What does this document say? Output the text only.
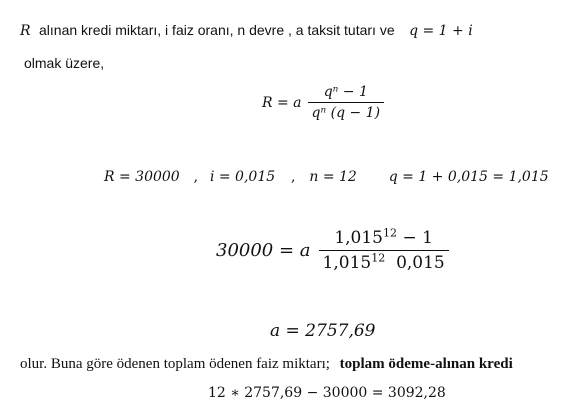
R alınan kredi miktarı, i faiz oranı, n devre , a taksit tutarı ve q = 1 + i
olmak üzere,
R = a $\frac{\text{qⁿ − 1}}{\text{qⁿ (q − 1)}}$
R = 30000 , i = 0,015 , n = 12 q = 1 + 0,015 = 1,015
30000 = a $\frac{1,015^{12} - 1}{1,015^{12} 0,015}$
a = 2757,69
olur. Buna göre ödenen toplam ödenen faiz miktarı; toplam ödeme-alınan kredi
12 ∗ 2757,69 − 30000 = 3092,28
